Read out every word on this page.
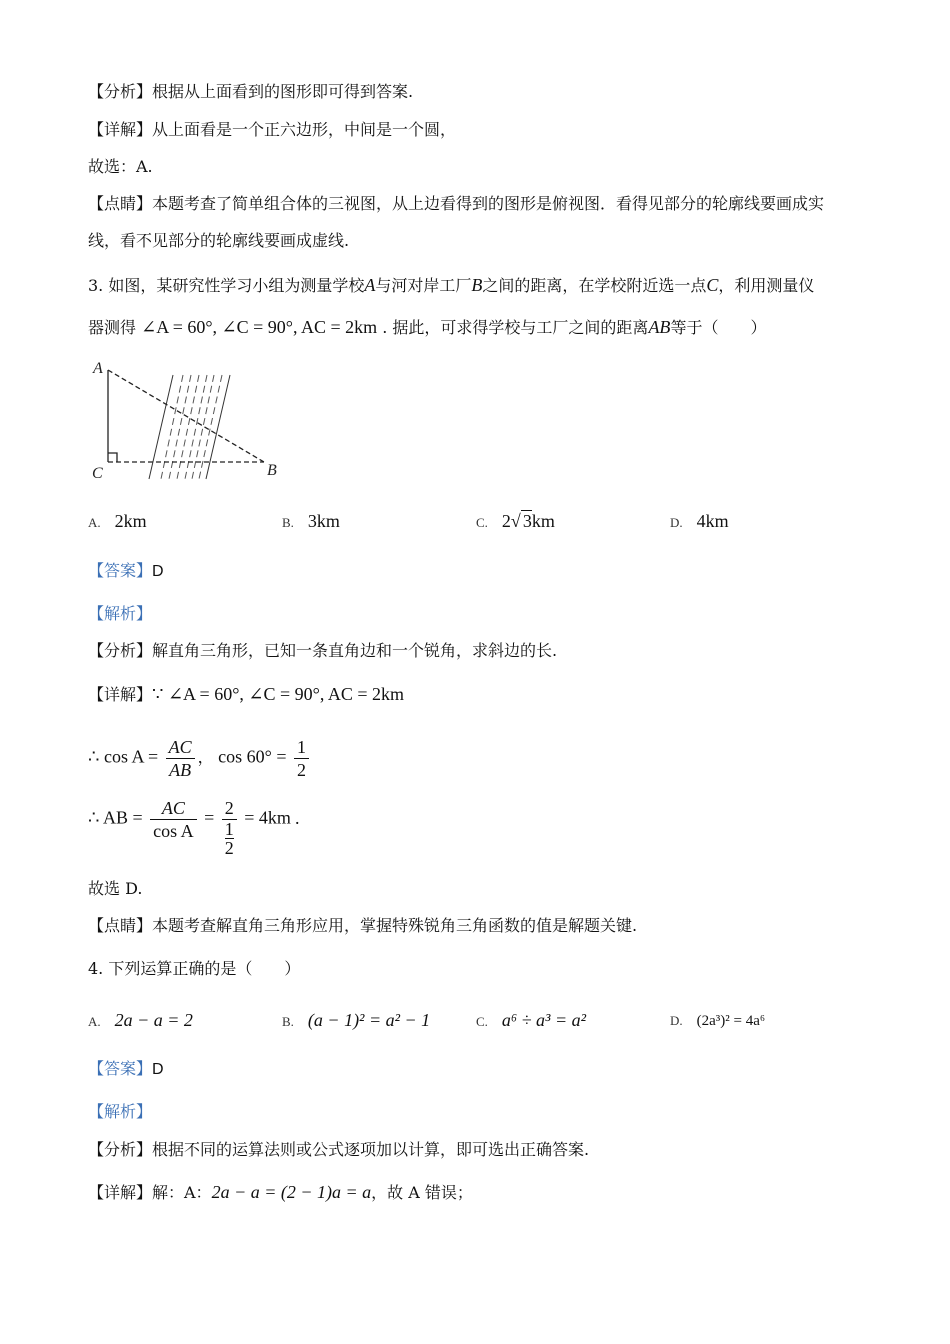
【分析】根据从上面看到的图形即可得到答案.
【详解】从上面看是一个正六边形，中间是一个圆，
故选：A.
【点睛】本题考查了简单组合体的三视图，从上边看得到的图形是俯视图．看得见部分的轮廓线要画成实
线，看不见部分的轮廓线要画成虚线.
3. 如图，某研究性学习小组为测量学校A与河对岸工厂B之间的距离，在学校附近选一点C，利用测量仪
器测得 ∠A = 60°, ∠C = 90°, AC = 2km . 据此，可求得学校与工厂之间的距离AB等于（　　）
A
C	B
A. 2km	B. 3km	C. 2√ 3km	D. 4km
【答案】D
【解析】
【分析】解直角三角形，已知一条直角边和一个锐角，求斜边的长.
【详解】∵ ∠A = 60°, ∠C = 90°, AC = 2km
∴ $\cos A = \frac{AC}{AB}$ ， $\cos 60^\circ = \frac{1}{2}$
∴ AB = $\frac{AC}{\text{cos A}} = 2$
1
2 = 4km .
故选 D.
【点睛】本题考查解直角三角形应用，掌握特殊锐角三角函数的值是解题关键.
4. 下列运算正确的是（　　）
A. 2a − a = 2	B. (a − 1)² = a² − 1	C. a⁶ ÷ a³ = a²	D. (2a³)² = 4a⁶
【答案】D
【解析】
【分析】根据不同的运算法则或公式逐项加以计算，即可选出正确答案.
【详解】解：A：2a − a = (2 − 1)a = a，故 A 错误；
